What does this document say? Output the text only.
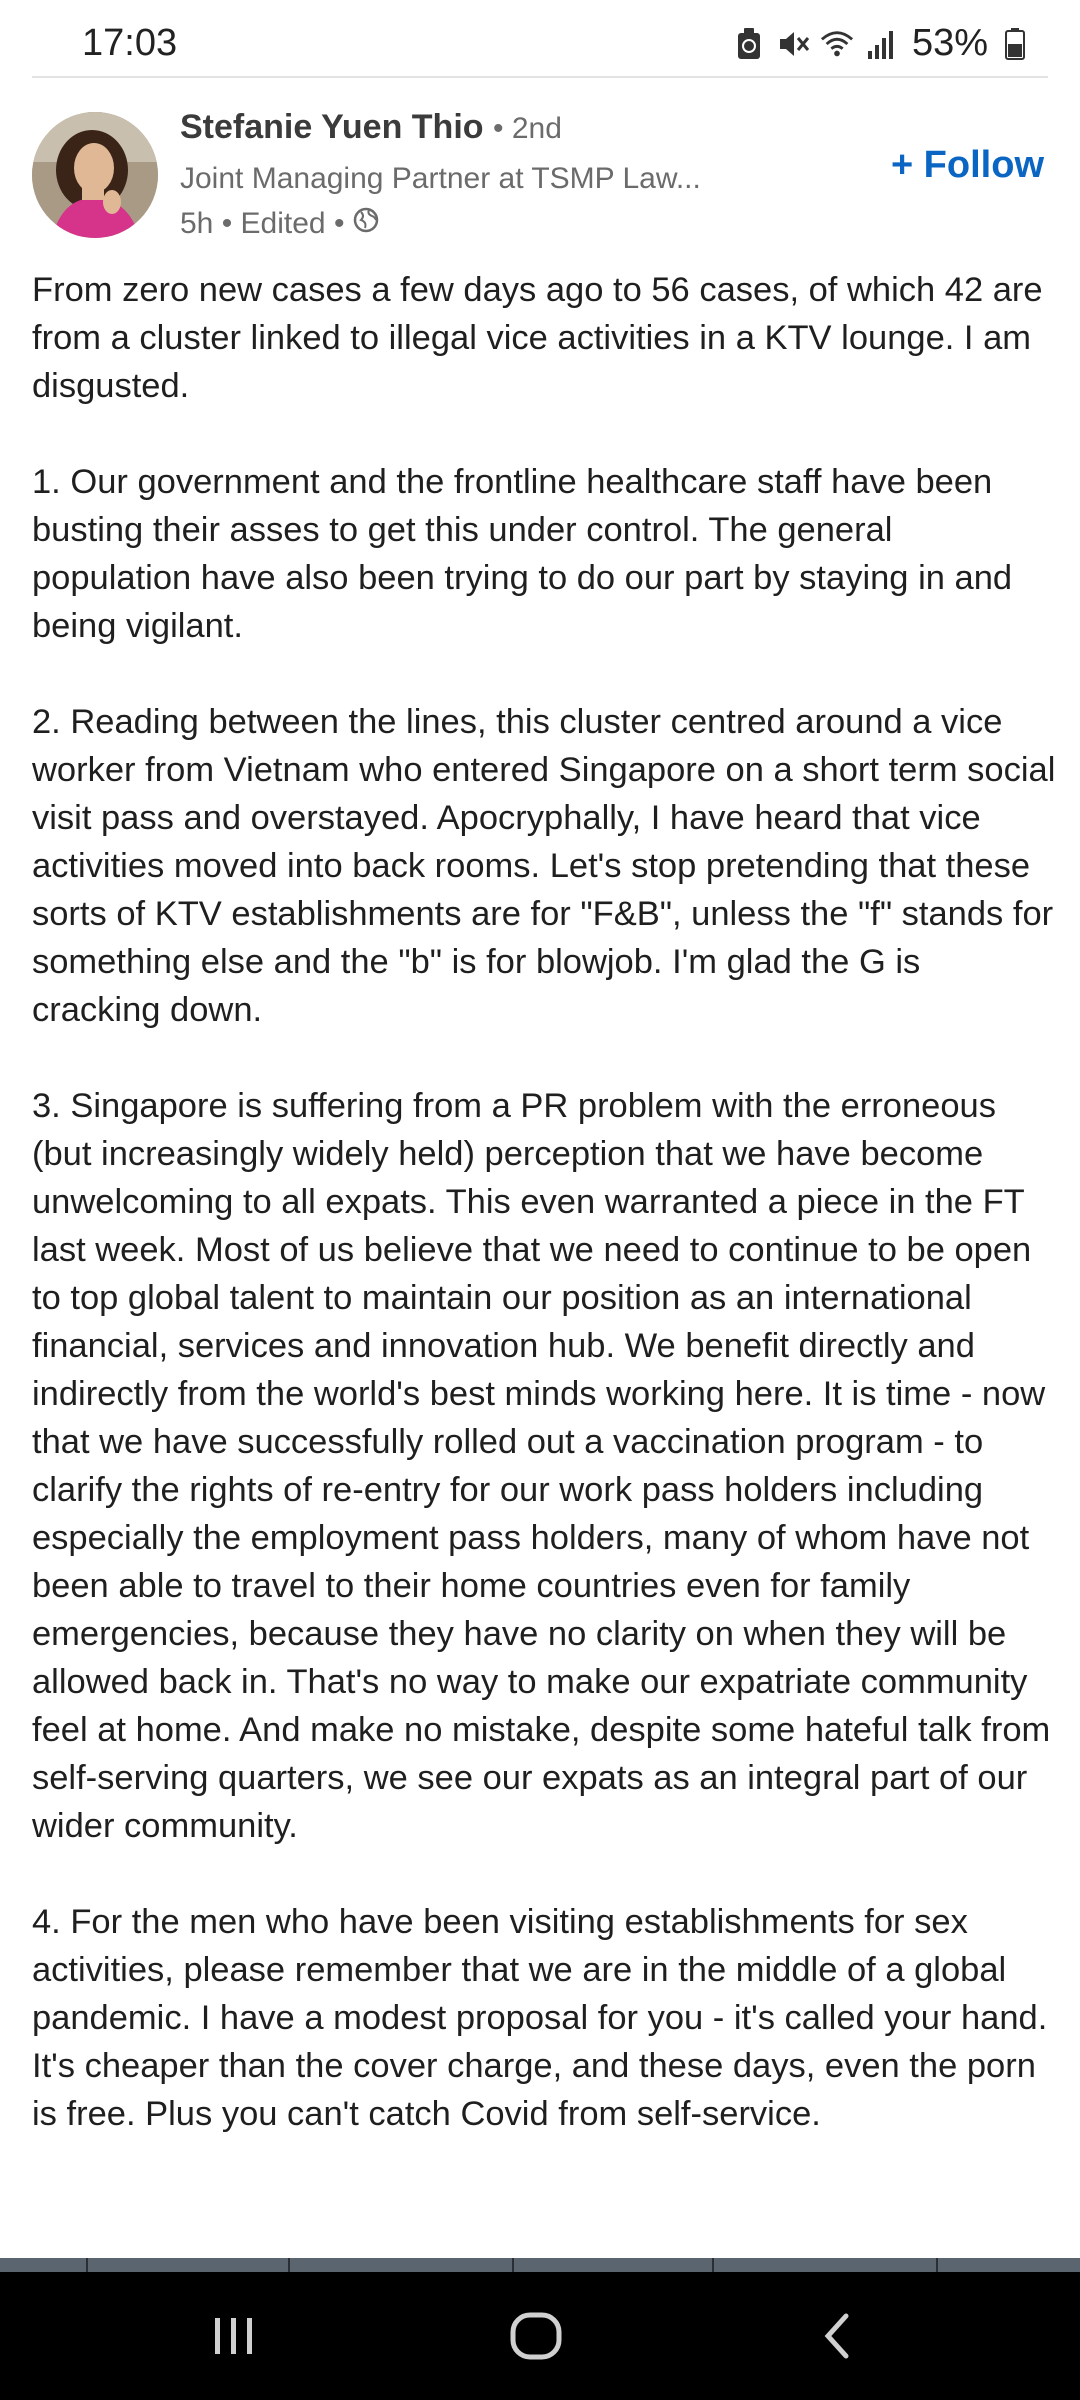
17:03	53%
Stefanie Yuen Thio • 2nd
Joint Managing Partner at TSMP Law...
5h • Edited •
+ Follow

From zero new cases a few days ago to 56 cases, of which 42 are from a cluster linked to illegal vice activities in a KTV lounge. I am disgusted.

1. Our government and the frontline healthcare staff have been busting their asses to get this under control. The general population have also been trying to do our part by staying in and being vigilant.

2. Reading between the lines, this cluster centred around a vice worker from Vietnam who entered Singapore on a short term social visit pass and overstayed. Apocryphally, I have heard that vice activities moved into back rooms. Let's stop pretending that these sorts of KTV establishments are for "F&B", unless the "f" stands for something else and the "b" is for blowjob. I'm glad the G is cracking down.

3. Singapore is suffering from a PR problem with the erroneous (but increasingly widely held) perception that we have become unwelcoming to all expats. This even warranted a piece in the FT last week. Most of us believe that we need to continue to be open to top global talent to maintain our position as an international financial, services and innovation hub. We benefit directly and indirectly from the world's best minds working here. It is time - now that we have successfully rolled out a vaccination program - to clarify the rights of re-entry for our work pass holders including especially the employment pass holders, many of whom have not been able to travel to their home countries even for family emergencies, because they have no clarity on when they will be allowed back in. That's no way to make our expatriate community feel at home. And make no mistake, despite some hateful talk from self-serving quarters, we see our expats as an integral part of our wider community.

4. For the men who have been visiting establishments for sex activities, please remember that we are in the middle of a global pandemic. I have a modest proposal for you - it's called your hand. It's cheaper than the cover charge, and these days, even the porn is free. Plus you can't catch Covid from self-service.
